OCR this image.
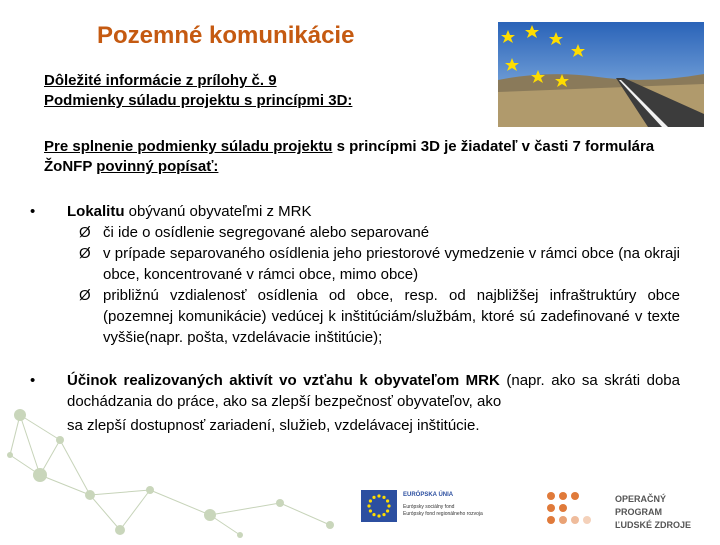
Pozemné komunikácie
Dôležité informácie z prílohy č. 9
Podmienky súladu projektu s princípmi 3D:
Pre splnenie podmienky súladu projektu s princípmi 3D je žiadateľ v časti 7 formulára ŽoNFP povinný popísať:
• Lokalitu obývanú obyvateľmi z MRK
Ø či ide o osídlenie segregované alebo separované
Ø v prípade separovaného osídlenia jeho priestorové vymedzenie v rámci obce (na okraji obce, koncentrované v rámci obce, mimo obce)
Ø približnú vzdialenosť osídlenia od obce, resp. od najbližšej infraštruktúry obce (pozemnej komunikácie) vedúcej k inštitúciám/službám, ktoré sú zadefinované v texte vyššie(napr. pošta, vzdelávacie inštitúcie);
• Účinok realizovaných aktivít vo vzťahu k obyvateľom MRK (napr. ako sa skráti doba dochádzania do práce, ako sa zlepší bezpečnosť obyvateľov, ako
sa zlepší dostupnosť zariadení, služieb, vzdelávacej inštitúcie.
EURÓPSKA ÚNIA
Európsky sociálny fond
Európsky fond regionálneho rozvoja
OPERAČNÝ PROGRAM
ĽUDSKÉ ZDROJE
